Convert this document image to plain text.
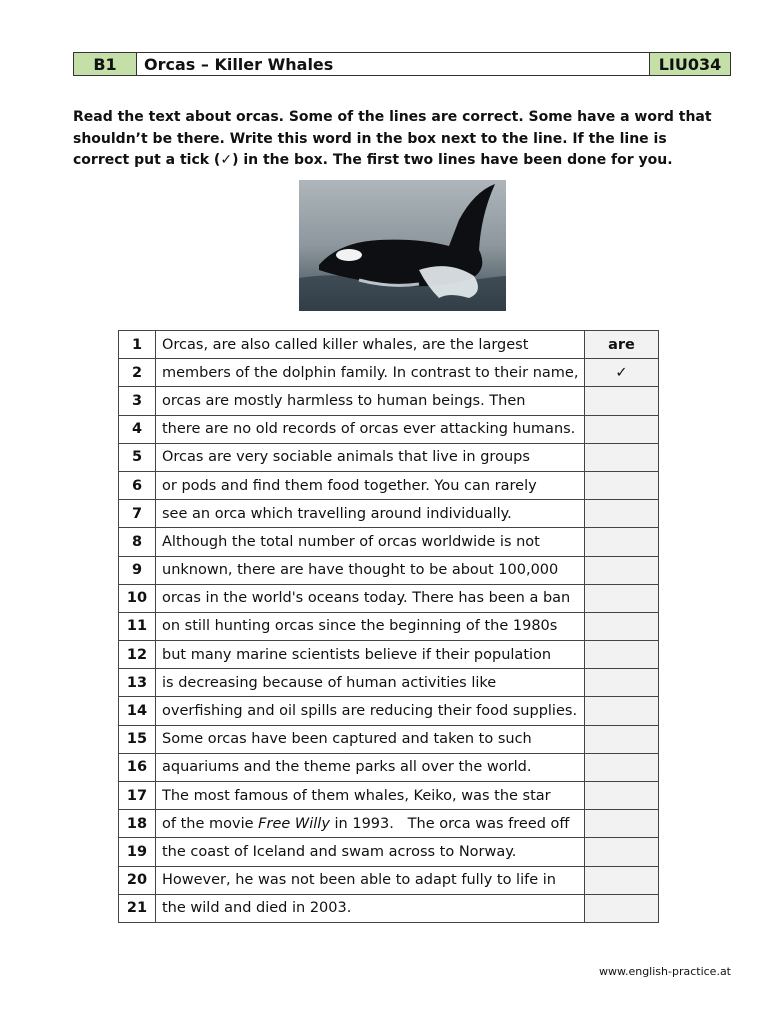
B1	Orcas – Killer Whales	LIU034
Read the text about orcas. Some of the lines are correct. Some have a word that shouldn’t be there. Write this word in the box next to the line. If the line is correct put a tick (✓) in the box. The first two lines have been done for you.
1	Orcas, are also called killer whales, are the largest	are
2	members of the dolphin family. In contrast to their name,	✓
3	orcas are mostly harmless to human beings. Then	
4	there are no old records of orcas ever attacking humans.	
5	Orcas are very sociable animals that live in groups	
6	or pods and find them food together. You can rarely	
7	see an orca which travelling around individually.	
8	Although the total number of orcas worldwide is not	
9	unknown, there are have thought to be about 100,000	
10	orcas in the world's oceans today. There has been a ban	
11	on still hunting orcas since the beginning of the 1980s	
12	but many marine scientists believe if their population	
13	is decreasing because of human activities like	
14	overfishing and oil spills are reducing their food supplies.	
15	Some orcas have been captured and taken to such	
16	aquariums and the theme parks all over the world.	
17	The most famous of them whales, Keiko, was the star	
18	of the movie Free Willy in 1993.   The orca was freed off	
19	the coast of Iceland and swam across to Norway.	
20	However, he was not been able to adapt fully to life in	
21	the wild and died in 2003.	
www.english-practice.at
